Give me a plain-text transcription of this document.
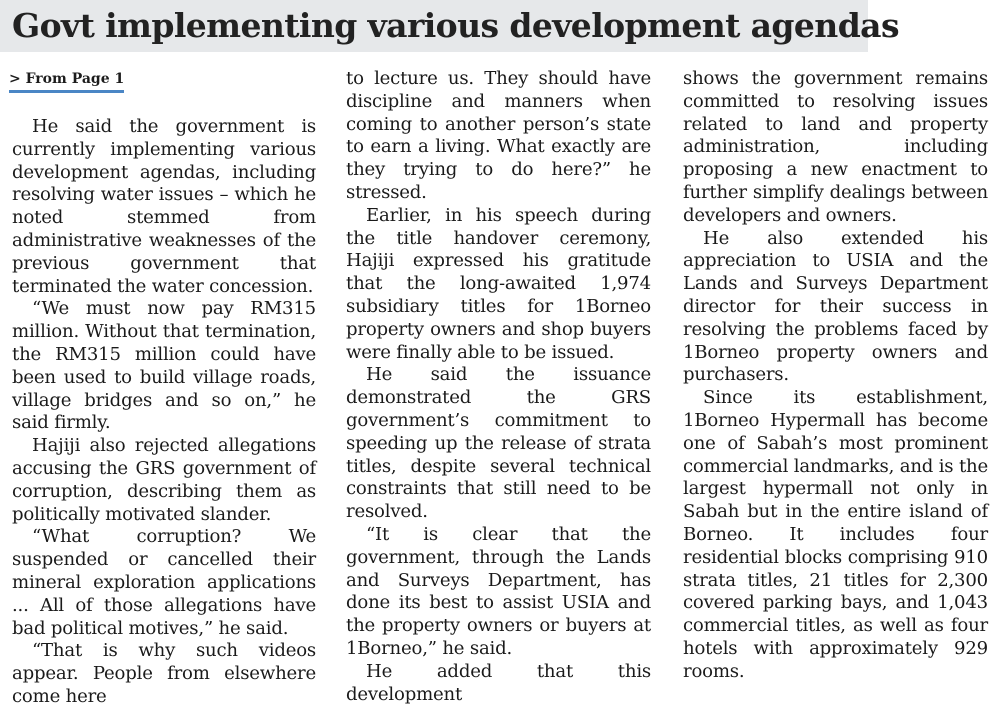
Govt implementing various development agendas
> From Page 1

He said the government is currently implementing various development agendas, including resolving water issues – which he noted stemmed from administrative weaknesses of the previous government that terminated the water concession.

“We must now pay RM315 million. Without that termination, the RM315 million could have been used to build village roads, village bridges and so on,” he said firmly.

Hajiji also rejected allegations accusing the GRS government of corruption, describing them as politically motivated slander.

“What corruption? We suspended or cancelled their mineral exploration applications ... All of those allegations have bad political motives,” he said.

“That is why such videos appear. People from elsewhere come here

to lecture us. They should have discipline and manners when coming to another person’s state to earn a living. What exactly are they trying to do here?” he stressed.

Earlier, in his speech during the title handover ceremony, Hajiji expressed his gratitude that the long-awaited 1,974 subsidiary titles for 1Borneo property owners and shop buyers were finally able to be issued.

He said the issuance demonstrated the GRS government’s commitment to speeding up the release of strata titles, despite several technical constraints that still need to be resolved.

“It is clear that the government, through the Lands and Surveys Department, has done its best to assist USIA and the property owners or buyers at 1Borneo,” he said.

He added that this development

shows the government remains committed to resolving issues related to land and property administration, including proposing a new enactment to further simplify dealings between developers and owners.

He also extended his appreciation to USIA and the Lands and Surveys Department director for their success in resolving the problems faced by 1Borneo property owners and purchasers.

Since its establishment, 1Borneo Hypermall has become one of Sabah’s most prominent commercial landmarks, and is the largest hypermall not only in Sabah but in the entire island of Borneo. It includes four residential blocks comprising 910 strata titles, 21 titles for 2,300 covered parking bays, and 1,043 commercial titles, as well as four hotels with approximately 929 rooms.
